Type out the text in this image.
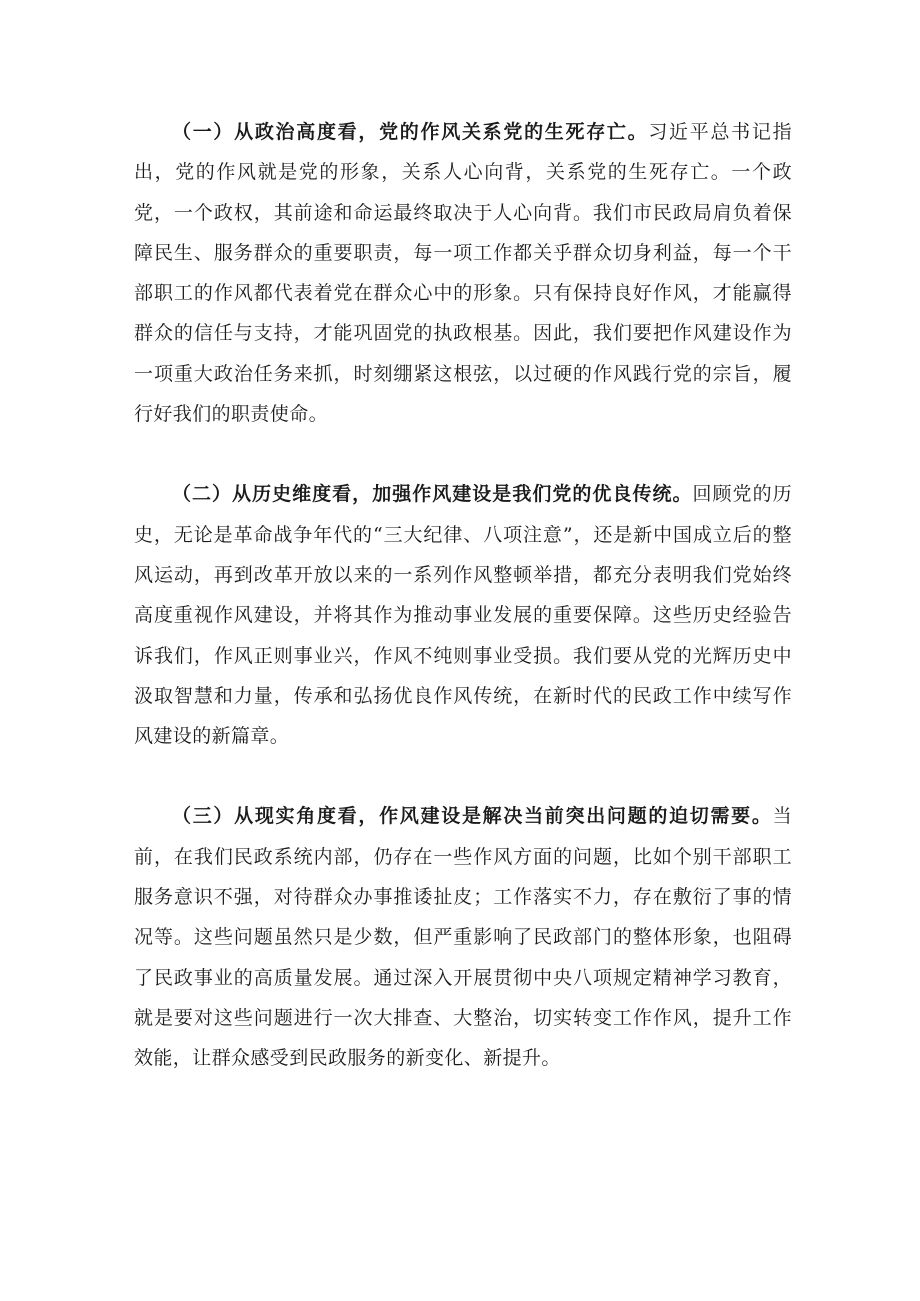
（一）从政治高度看，党的作风关系党的生死存亡。习近平总书记指出，党的作风就是党的形象，关系人心向背，关系党的生死存亡。一个政党，一个政权，其前途和命运最终取决于人心向背。我们市民政局肩负着保障民生、服务群众的重要职责，每一项工作都关乎群众切身利益，每一个干部职工的作风都代表着党在群众心中的形象。只有保持良好作风，才能赢得群众的信任与支持，才能巩固党的执政根基。因此，我们要把作风建设作为一项重大政治任务来抓，时刻绷紧这根弦，以过硬的作风践行党的宗旨，履行好我们的职责使命。

（二）从历史维度看，加强作风建设是我们党的优良传统。回顾党的历史，无论是革命战争年代的“三大纪律、八项注意”，还是新中国成立后的整风运动，再到改革开放以来的一系列作风整顿举措，都充分表明我们党始终高度重视作风建设，并将其作为推动事业发展的重要保障。这些历史经验告诉我们，作风正则事业兴，作风不纯则事业受损。我们要从党的光辉历史中汲取智慧和力量，传承和弘扬优良作风传统，在新时代的民政工作中续写作风建设的新篇章。

（三）从现实角度看，作风建设是解决当前突出问题的迫切需要。当前，在我们民政系统内部，仍存在一些作风方面的问题，比如个别干部职工服务意识不强，对待群众办事推诿扯皮；工作落实不力，存在敷衍了事的情况等。这些问题虽然只是少数，但严重影响了民政部门的整体形象，也阻碍了民政事业的高质量发展。通过深入开展贯彻中央八项规定精神学习教育，就是要对这些问题进行一次大排查、大整治，切实转变工作作风，提升工作效能，让群众感受到民政服务的新变化、新提升。
